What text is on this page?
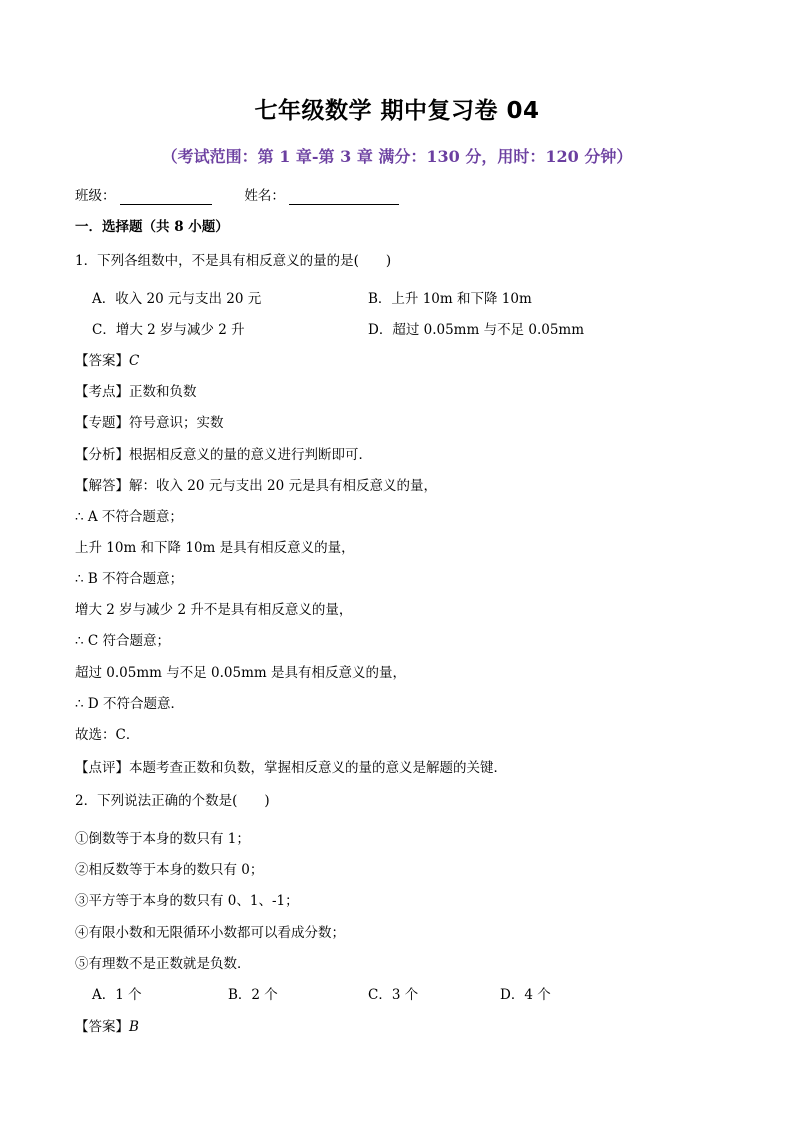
七年级数学 期中复习卷 04
（考试范围：第 1 章-第 3 章 满分：130 分，用时：120 分钟）
班级：	姓名：
一．选择题（共 8 小题）
1．下列各组数中，不是具有相反意义的量的是(　　)
A．收入 20 元与支出 20 元	B．上升 10m 和下降 10m
C．增大 2 岁与减少 2 升	D．超过 0.05mm 与不足 0.05mm
【答案】C
【考点】正数和负数
【专题】符号意识；实数
【分析】根据相反意义的量的意义进行判断即可．
【解答】解：收入 20 元与支出 20 元是具有相反意义的量，
∴ A 不符合题意；
上升 10m 和下降 10m 是具有相反意义的量，
∴ B 不符合题意；
增大 2 岁与减少 2 升不是具有相反意义的量，
∴ C 符合题意；
超过 0.05mm 与不足 0.05mm 是具有相反意义的量，
∴ D 不符合题意．
故选：C．
【点评】本题考查正数和负数，掌握相反意义的量的意义是解题的关键．
2．下列说法正确的个数是(　　)
①倒数等于本身的数只有 1；
②相反数等于本身的数只有 0；
③平方等于本身的数只有 0、1、-1；
④有限小数和无限循环小数都可以看成分数；
⑤有理数不是正数就是负数．
A．1 个	B．2 个	C．3 个	D．4 个
【答案】B
